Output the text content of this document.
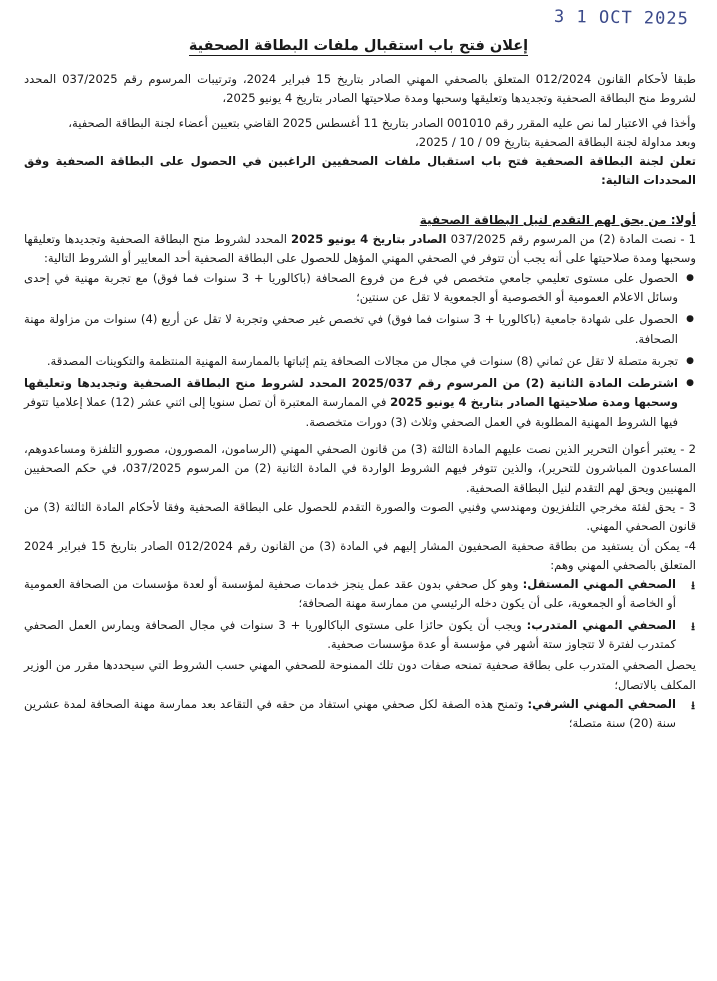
3 1 OCT 2025
إعلان فتح باب استقبال ملفات البطاقة الصحفية

طبقا لأحكام القانون 012/2024 المتعلق بالصحفي المهني الصادر بتاريخ 15 فبراير 2024، وترتيبات المرسوم رقم 037/2025 المحدد لشروط منح البطاقة الصحفية وتجديدها وتعليقها وسحبها ومدة صلاحيتها الصادر بتاريخ 4 يونيو 2025،

وأخذا في الاعتبار لما نص عليه المقرر رقم 001010 الصادر بتاريخ 11 أغسطس 2025 القاضي بتعيين أعضاء لجنة البطاقة الصحفية،

وبعد مداولة لجنة البطاقة الصحفية بتاريخ 09 / 10 / 2025،

تعلن لجنة البطاقة الصحفية فتح باب استقبال ملفات الصحفيين الراغبين في الحصول على البطاقة الصحفية وفق المحددات التالية:

أولا: من يحق لهم التقدم لنيل البطاقة الصحفية

1 - نصت المادة (2) من المرسوم رقم 037/2025 الصادر بتاريخ 4 يونيو 2025 المحدد لشروط منح البطاقة الصحفية وتجديدها وتعليقها وسحبها ومدة صلاحيتها على أنه يجب أن تتوفر في الصحفي المهني المؤهل للحصول على البطاقة الصحفية أحد المعايير أو الشروط التالية:

● الحصول على مستوى تعليمي جامعي متخصص في فرع من فروع الصحافة (باكالوريا + 3 سنوات فما فوق) مع تجربة مهنية في إحدى وسائل الاعلام العمومية أو الخصوصية أو الجمعوية لا تقل عن سنتين؛
● الحصول على شهادة جامعية (باكالوريا + 3 سنوات فما فوق) في تخصص غير صحفي وتجربة لا تقل عن أربع (4) سنوات من مزاولة مهنة الصحافة.
● تجربة متصلة لا تقل عن ثماني (8) سنوات في مجال من مجالات الصحافة يتم إثباتها بالممارسة المهنية المنتظمة والتكوينات المصدقة.
● اشترطت المادة الثانية (2) من المرسوم رقم 2025/037 المحدد لشروط منح البطاقة الصحفية وتجديدها وتعليقها وسحبها ومدة صلاحيتها الصادر بتاريخ 4 يونيو 2025 في الممارسة المعتبرة أن تصل سنويا إلى اثني عشر (12) عملا إعلاميا تتوفر فيها الشروط المهنية المطلوبة في العمل الصحفي وثلاث (3) دورات متخصصة.

2 - يعتبر أعوان التحرير الذين نصت عليهم المادة الثالثة (3) من قانون الصحفي المهني (الرسامون، المصورون، مصورو التلفزة ومساعدوهم، المساعدون المباشرون للتحرير)، والذين تتوفر فيهم الشروط الواردة في المادة الثانية (2) من المرسوم 037/2025، في حكم الصحفيين المهنيين ويحق لهم التقدم لنيل البطاقة الصحفية.

3 - يحق لفئة مخرجي التلفزيون ومهندسي وفنيي الصوت والصورة التقدم للحصول على البطاقة الصحفية وفقا لأحكام المادة الثالثة (3) من قانون الصحفي المهني.

4- يمكن أن يستفيد من بطاقة صحفية الصحفيون المشار إليهم في المادة (3) من القانون رقم 012/2024 الصادر بتاريخ 15 فبراير 2024 المتعلق بالصحفي المهني وهم:

⭳
الصحفي المهني المستقل: وهو كل صحفي بدون عقد عمل ينجز خدمات صحفية لمؤسسة أو لعدة مؤسسات من الصحافة العمومية أو الخاصة أو الجمعوية، على أن يكون دخله الرئيسي من ممارسة مهنة الصحافة؛
⭳
الصحفي المهني المتدرب: ويجب أن يكون حائزا على مستوى الباكالوريا + 3 سنوات في مجال الصحافة ويمارس العمل الصحفي كمتدرب لفترة لا تتجاوز ستة أشهر في مؤسسة أو عدة مؤسسات صحفية.

يحصل الصحفي المتدرب على بطاقة صحفية تمنحه صفات دون تلك الممنوحة للصحفي المهني حسب الشروط التي سيحددها مقرر من الوزير المكلف بالاتصال؛

⭳
الصحفي المهني الشرفي: وتمنح هذه الصفة لكل صحفي مهني استفاد من حقه في التقاعد بعد ممارسة مهنة الصحافة لمدة عشرين سنة (20) سنة متصلة؛
